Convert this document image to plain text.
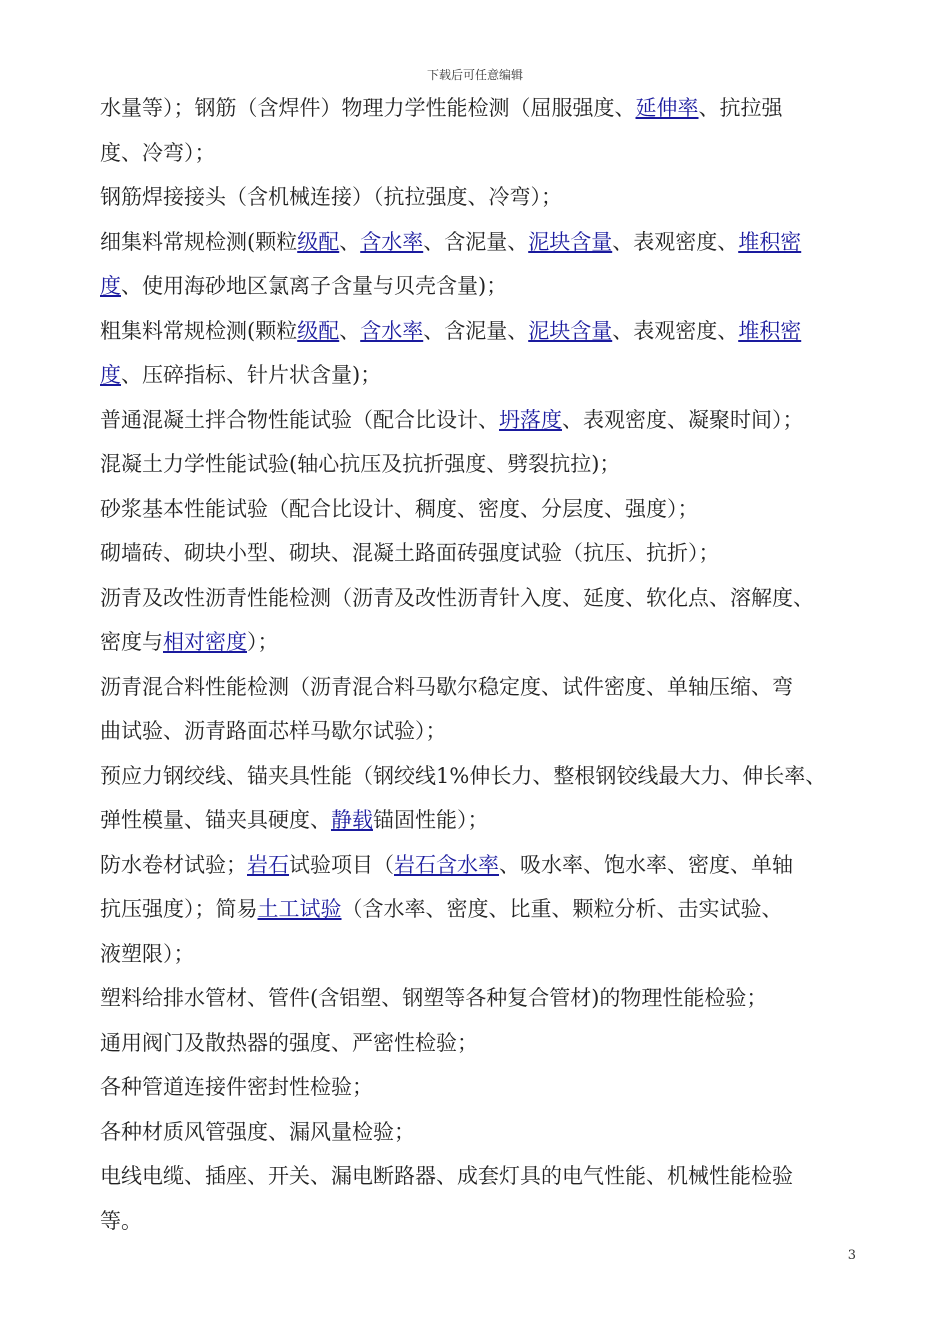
下载后可任意编辑
水量等）；钢筋（含焊件）物理力学性能检测（屈服强度、延伸率、抗拉强
度、冷弯）；
钢筋焊接接头（含机械连接）（抗拉强度、冷弯）；
细集料常规检测(颗粒级配、含水率、含泥量、泥块含量、表观密度、堆积密
度、使用海砂地区氯离子含量与贝壳含量)；
粗集料常规检测(颗粒级配、含水率、含泥量、泥块含量、表观密度、堆积密
度、压碎指标、针片状含量)；
普通混凝土拌合物性能试验（配合比设计、坍落度、表观密度、凝聚时间）；
混凝土力学性能试验(轴心抗压及抗折强度、劈裂抗拉)；
砂浆基本性能试验（配合比设计、稠度、密度、分层度、强度）；
砌墙砖、砌块小型、砌块、混凝土路面砖强度试验（抗压、抗折）；
沥青及改性沥青性能检测（沥青及改性沥青针入度、延度、软化点、溶解度、
密度与相对密度）；
沥青混合料性能检测（沥青混合料马歇尔稳定度、试件密度、单轴压缩、弯
曲试验、沥青路面芯样马歇尔试验）；
预应力钢绞线、锚夹具性能（钢绞线1%伸长力、整根钢铰线最大力、伸长率、
弹性模量、锚夹具硬度、静载锚固性能）；
防水卷材试验；岩石试验项目（岩石含水率、吸水率、饱水率、密度、单轴
抗压强度）；简易土工试验（含水率、密度、比重、颗粒分析、击实试验、
液塑限）；
塑料给排水管材、管件(含铝塑、钢塑等各种复合管材)的物理性能检验；
通用阀门及散热器的强度、严密性检验；
各种管道连接件密封性检验；
各种材质风管强度、漏风量检验；
电线电缆、插座、开关、漏电断路器、成套灯具的电气性能、机械性能检验
等。
3
